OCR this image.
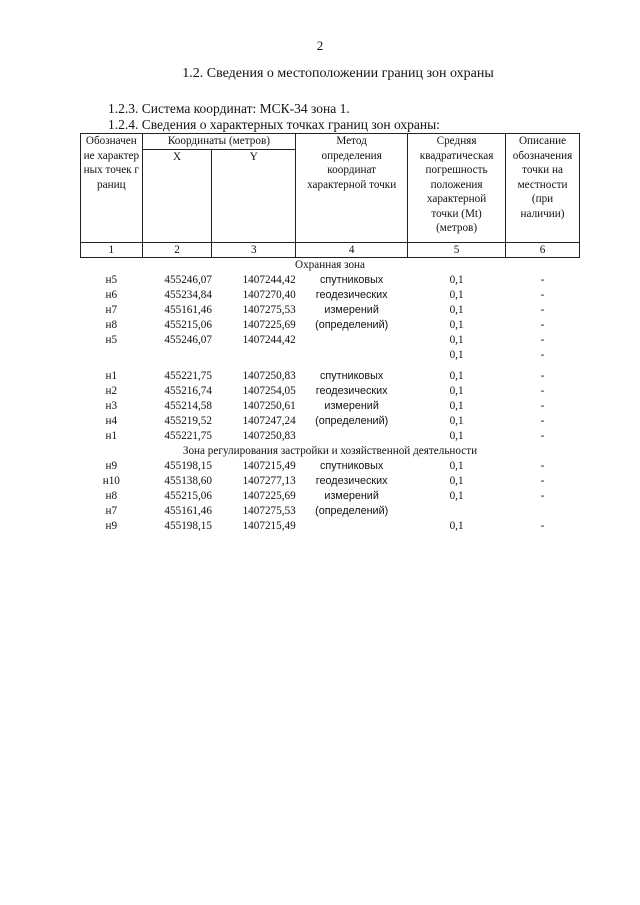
2
1.2. Сведения о местоположении границ зон охраны
1.2.3. Система координат: МСК-34 зона 1.
1.2.4. Сведения о характерных точках границ зон охраны:
Обозначение характерных точек границ	Координаты (метров)		Метод определения координат характерной точки	Средняя квадратическая погрешность положения характерной точки (Mt) (метров)	Описание обозначения точки на местности (при наличии)
	X	Y			
1	2	3	4	5	6
Охранная зона					
н5	455246,07	1407244,42	спутниковых геодезических измерений (определений)	0,1	-
н6	455234,84	1407270,40		0,1	-
н7	455161,46	1407275,53		0,1	-
н8	455215,06	1407225,69		0,1	-
н5	455246,07	1407244,42		0,1	-
				0,1	-

н1	455221,75	1407250,83	спутниковых геодезических измерений (определений)	0,1	-
н2	455216,74	1407254,05		0,1	-
н3	455214,58	1407250,61		0,1	-
н4	455219,52	1407247,24		0,1	-
н1	455221,75	1407250,83		0,1	-
Зона регулирования застройки и хозяйственной деятельности					
н9	455198,15	1407215,49	спутниковых геодезических измерений (определений)	0,1	-
н10	455138,60	1407277,13		0,1	-
н8	455215,06	1407225,69		0,1	-
н7	455161,46	1407275,53			
н9	455198,15	1407215,49		0,1	-
